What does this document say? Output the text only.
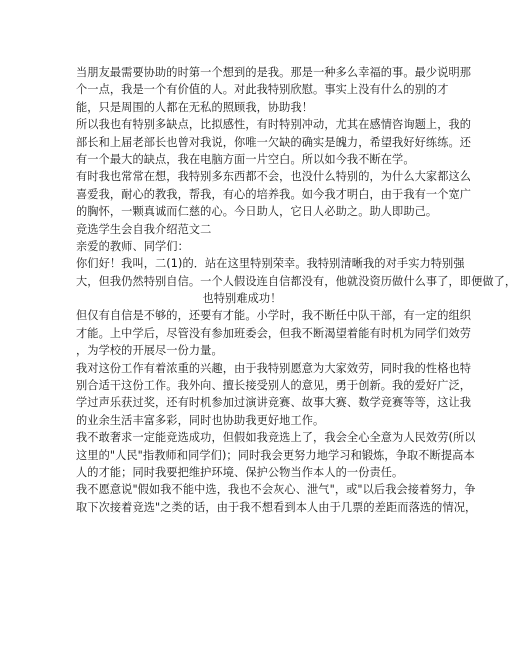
当朋友最需要协助的时第一个想到的是我。那是一种多么幸福的事。最少说明那
个一点，我是一个有价值的人。对此我特别欣慰。事实上没有什么的别的才
能，只是周围的人都在无私的照顾我，协助我！
所以我也有特别多缺点，比拟感性，有时特别冲动，尤其在感情咨询题上，我的
部长和上届老部长也曾对我说，你唯一欠缺的确实是魄力，希望我好好练练。还
有一个最大的缺点，我在电脑方面一片空白。所以如今我不断在学。
有时我也常常在想，我特别多东西都不会，也没什么特别的，为什么大家都这么
喜爱我，耐心的教我，帮我，有心的培养我。如今我才明白，由于我有一个宽广
的胸怀，一颗真诚而仁慈的心。今日助人，它日人必助之。助人即助己。
竞选学生会自我介绍范文二
亲爱的教师、同学们：
你们好！我叫，二(1)的．站在这里特别荣幸。我特别清晰我的对手实力特别强
大，但我仍然特别自信。一个人假设连自信都没有，他就没资历做什么事了，即便做了，
也特别难成功！
但仅有自信是不够的，还要有才能。小学时，我不断任中队干部，有一定的组织
才能。上中学后，尽管没有参加班委会，但我不断渴望着能有时机为同学们效劳
，为学校的开展尽一份力量。
我对这份工作有着浓重的兴趣，由于我特别愿意为大家效劳，同时我的性格也特
别合适干这份工作。我外向、擅长接受别人的意见，勇于创新。我的爱好广泛，
学过声乐获过奖，还有时机参加过演讲竞赛、故事大赛、数学竞赛等等，这让我
的业余生活丰富多彩，同时也协助我更好地工作。
我不敢奢求一定能竞选成功，但假如我竞选上了，我会全心全意为人民效劳(所以
这里的"人民"指教师和同学们)；同时我会更努力地学习和锻炼，争取不断提高本
人的才能；同时我要把维护环境、保护公物当作本人的一份责任。
我不愿意说"假如我不能中选，我也不会灰心、泄气"，或"以后我会接着努力，争
取下次接着竞选"之类的话，由于我不想看到本人由于几票的差距而落选的情况，
